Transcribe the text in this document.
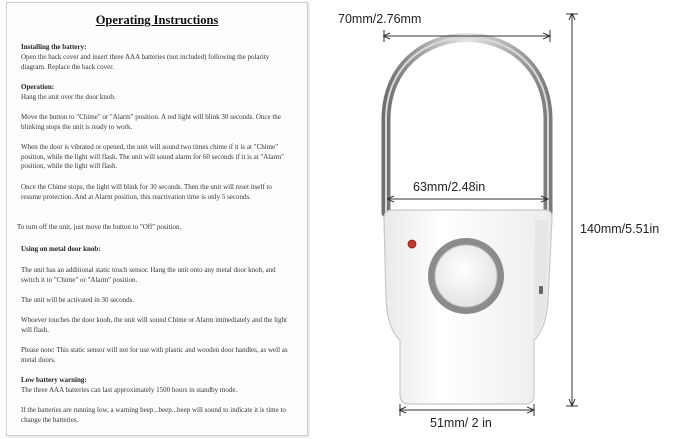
Operating Instructions
Installing the battery:
Open the back cover and insert three AAA batteries (not included) following the polarity diagram. Replace the back cover.
Operation:
Hang the unit over the door knob.
Move the button to "Chime" or "Alarm" position. A red light will blink 30 seconds. Once the blinking stops the unit is ready to work.
When the door is vibrated or opened, the unit will sound two times chime if it is at "Chime" position, while the light will flash. The unit will sound alarm for 60 seconds if it is at "Alarm" position, while the light will flash.
Once the Chime stops, the light will blink for 30 seconds. Then the unit will reset itself to resume protection. And at Alarm position, this reactivation time is only 5 seconds.
To turn off the unit, just move the button to "Off" position.
Using on metal door knob:
The unit has an additional static touch sensor. Hang the unit onto any metal door knob, and switch it to "Chime" or "Alarm" position.
The unit will be activated in 30 seconds.
Whoever touches the door knob, the unit will sound Chime or Alarm immediately and the light will flash.
Please note: This static sensor will not for use with plastic and wooden door handles, as well as metal doors.
Low battery warning:
The three AAA batteries can last approximately 1500 hours in standby mode.
If the batteries are running low, a warning beep...beep...beep will sound to indicate it is time to change the batteries.
70mm/2.76mm
63mm/2.48in
140mm/5.51in
51mm/ 2 in
